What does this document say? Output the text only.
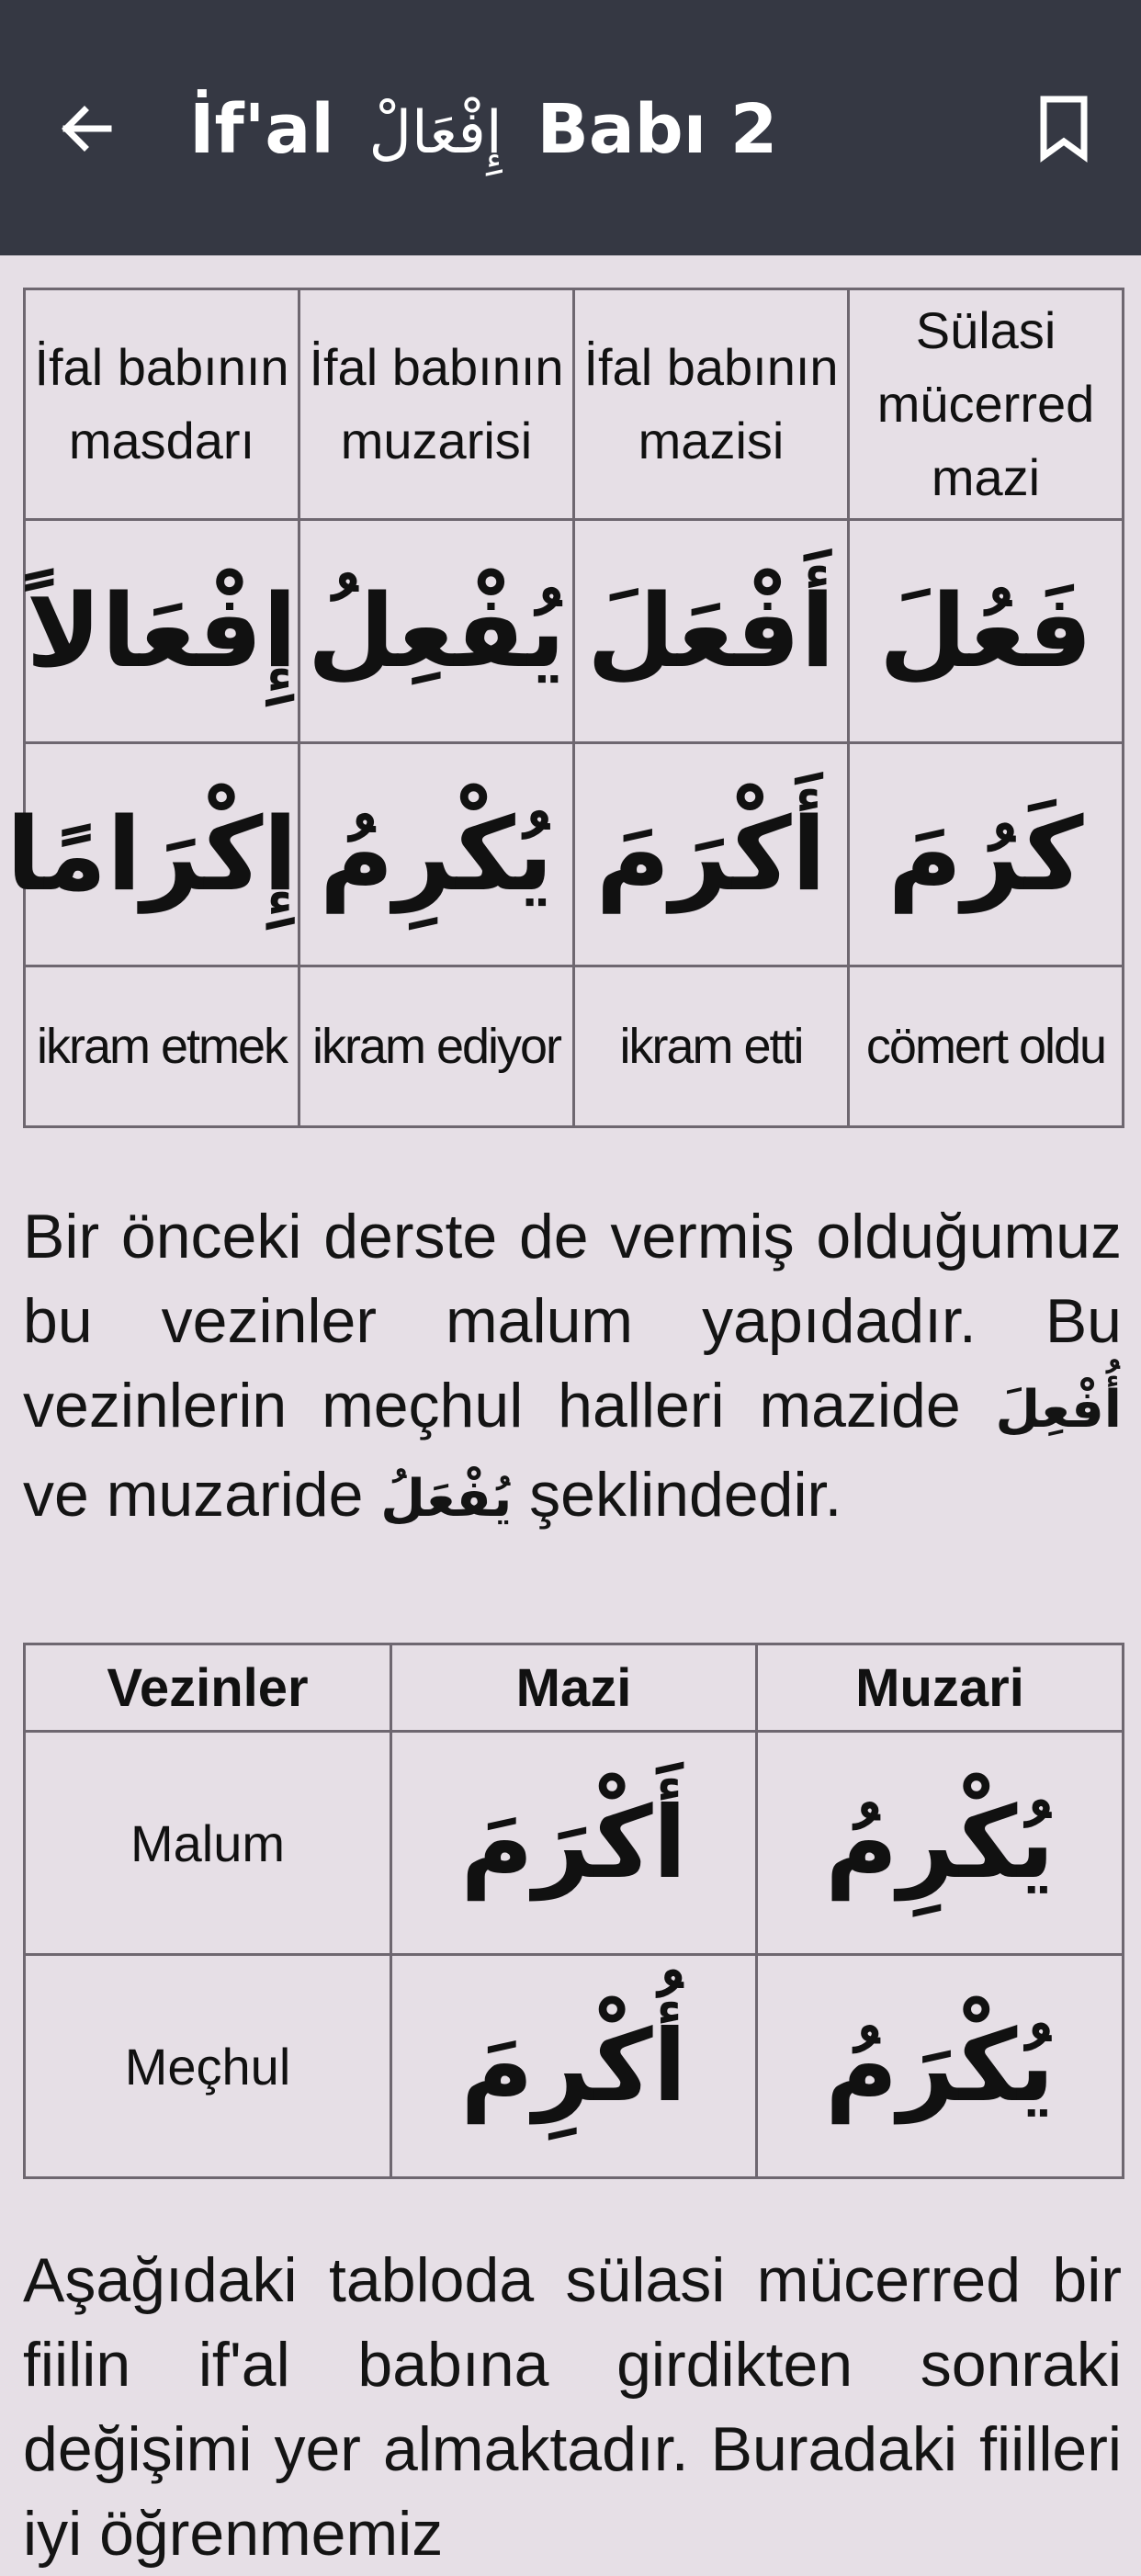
İf'al إِفْعَالْ Babı 2
İfal babının masdarı	İfal babının muzarisi	İfal babının mazisi	Sülasi mücerred mazi
إِفْعَالاً	يُفْعِلُ	أَفْعَلَ	فَعُلَ
إِكْرَامًا	يُكْرِمُ	أَكْرَمَ	كَرُمَ
ikram etmek	ikram ediyor	ikram etti	cömert oldu
Bir önceki derste de vermiş olduğumuz bu vezinler malum yapıdadır. Bu vezinlerin meçhul halleri mazide أُفْعِلَ ve muzaride يُفْعَلُ şeklindedir.
Vezinler	Mazi	Muzari
Malum	أَكْرَمَ	يُكْرِمُ
Meçhul	أُكْرِمَ	يُكْرَمُ
Aşağıdaki tabloda sülasi mücerred bir fiilin if'al babına girdikten sonraki değişimi yer almaktadır. Buradaki fiilleri iyi öğrenmemiz
